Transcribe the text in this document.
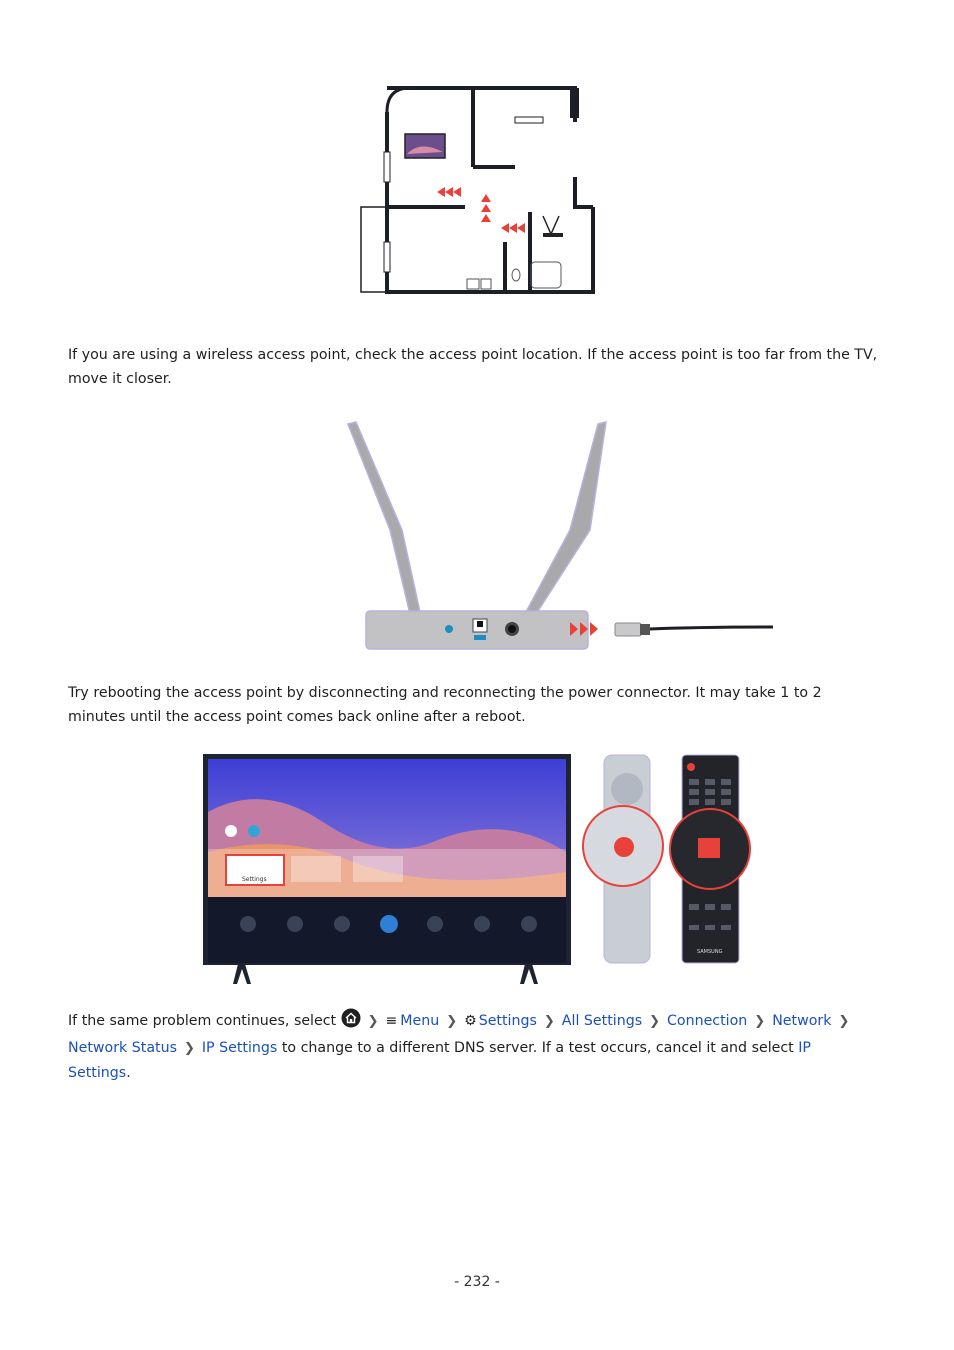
If you are using a wireless access point, check the access point location. If the access point is too far from the TV, move it closer.

Try rebooting the access point by disconnecting and reconnecting the power connector. It may take 1 to 2 minutes until the access point comes back online after a reboot.

Settings
SAMSUNG

If the same problem continues, select ❯ ≡ Menu ❯ ⚙ Settings ❯ All Settings ❯ Connection ❯ Network ❯
Network Status ❯ IP Settings to change to a different DNS server. If a test occurs, cancel it and select IP Settings.

- 232 -
